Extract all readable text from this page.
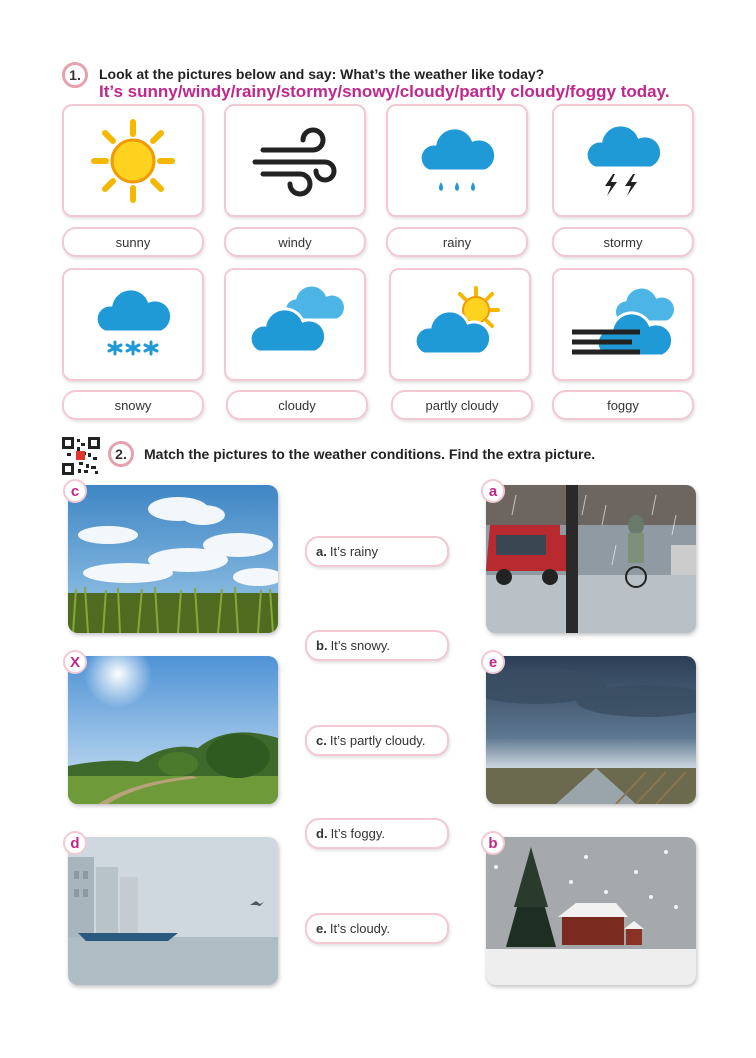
1.	Look at the pictures below and say: What’s the weather like today?
It’s sunny/windy/rainy/stormy/snowy/cloudy/partly cloudy/foggy today.
sunny	windy	rainy	stormy
snowy	cloudy	partly cloudy	foggy
2.	Match the pictures to the weather conditions. Find the extra picture.
c
X
d
a. It’s rainy
b. It’s snowy.
c. It’s partly cloudy.
d. It’s foggy.
e. It’s cloudy.
a
e
b
